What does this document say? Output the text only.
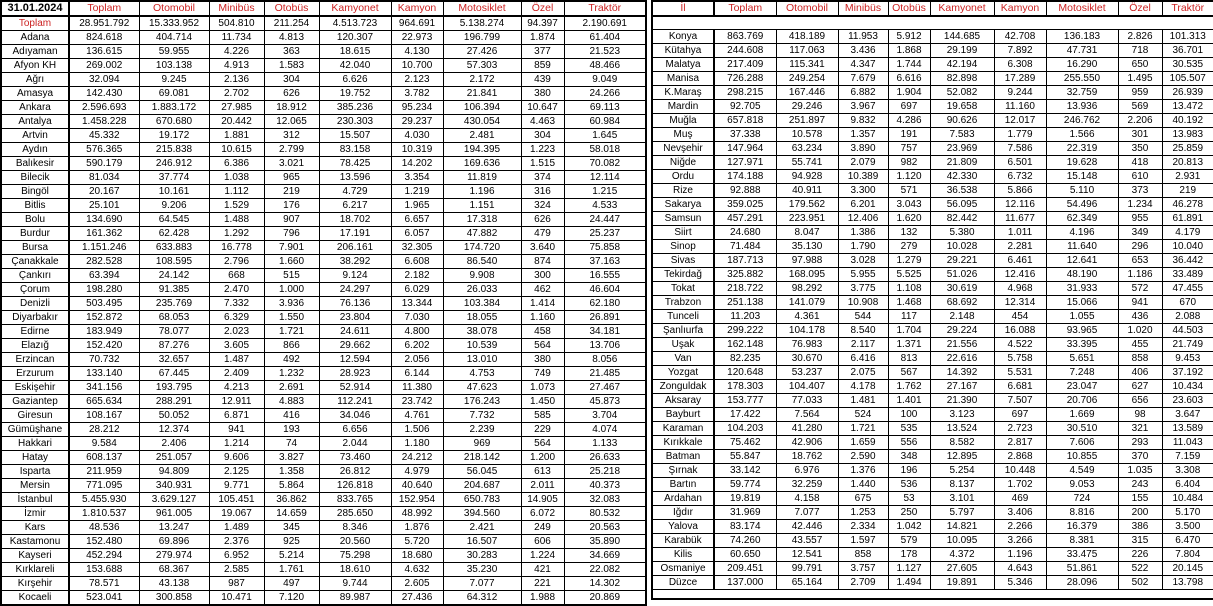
31.01.2024	Toplam	Otomobil	Minibüs	Otobüs	Kamyonet	Kamyon	Motosiklet	Özel	Traktör
Toplam	28.951.792	15.333.952	504.810	211.254	4.513.723	964.691	5.138.274	94.397	2.190.691
Adana	824.618	404.714	11.734	4.813	120.307	22.973	196.799	1.874	61.404
Adıyaman	136.615	59.955	4.226	363	18.615	4.130	27.426	377	21.523
Afyon KH	269.002	103.138	4.913	1.583	42.040	10.700	57.303	859	48.466
Ağrı	32.094	9.245	2.136	304	6.626	2.123	2.172	439	9.049
Amasya	142.430	69.081	2.702	626	19.752	3.782	21.841	380	24.266
Ankara	2.596.693	1.883.172	27.985	18.912	385.236	95.234	106.394	10.647	69.113
Antalya	1.458.228	670.680	20.442	12.065	230.303	29.237	430.054	4.463	60.984
Artvin	45.332	19.172	1.881	312	15.507	4.030	2.481	304	1.645
Aydın	576.365	215.838	10.615	2.799	83.158	10.319	194.395	1.223	58.018
Balıkesir	590.179	246.912	6.386	3.021	78.425	14.202	169.636	1.515	70.082
Bilecik	81.034	37.774	1.038	965	13.596	3.354	11.819	374	12.114
Bingöl	20.167	10.161	1.112	219	4.729	1.219	1.196	316	1.215
Bitlis	25.101	9.206	1.529	176	6.217	1.965	1.151	324	4.533
Bolu	134.690	64.545	1.488	907	18.702	6.657	17.318	626	24.447
Burdur	161.362	62.428	1.292	796	17.191	6.057	47.882	479	25.237
Bursa	1.151.246	633.883	16.778	7.901	206.161	32.305	174.720	3.640	75.858
Çanakkale	282.528	108.595	2.796	1.660	38.292	6.608	86.540	874	37.163
Çankırı	63.394	24.142	668	515	9.124	2.182	9.908	300	16.555
Çorum	198.280	91.385	2.470	1.000	24.297	6.029	26.033	462	46.604
Denizli	503.495	235.769	7.332	3.936	76.136	13.344	103.384	1.414	62.180
Diyarbakır	152.872	68.053	6.329	1.550	23.804	7.030	18.055	1.160	26.891
Edirne	183.949	78.077	2.023	1.721	24.611	4.800	38.078	458	34.181
Elazığ	152.420	87.276	3.605	866	29.662	6.202	10.539	564	13.706
Erzincan	70.732	32.657	1.487	492	12.594	2.056	13.010	380	8.056
Erzurum	133.140	67.445	2.409	1.232	28.923	6.144	4.753	749	21.485
Eskişehir	341.156	193.795	4.213	2.691	52.914	11.380	47.623	1.073	27.467
Gaziantep	665.634	288.291	12.911	4.883	112.241	23.742	176.243	1.450	45.873
Giresun	108.167	50.052	6.871	416	34.046	4.761	7.732	585	3.704
Gümüşhane	28.212	12.374	941	193	6.656	1.506	2.239	229	4.074
Hakkari	9.584	2.406	1.214	74	2.044	1.180	969	564	1.133
Hatay	608.137	251.057	9.606	3.827	73.460	24.212	218.142	1.200	26.633
Isparta	211.959	94.809	2.125	1.358	26.812	4.979	56.045	613	25.218
Mersin	771.095	340.931	9.771	5.864	126.818	40.640	204.687	2.011	40.373
İstanbul	5.455.930	3.629.127	105.451	36.862	833.765	152.954	650.783	14.905	32.083
İzmir	1.810.537	961.005	19.067	14.659	285.650	48.992	394.560	6.072	80.532
Kars	48.536	13.247	1.489	345	8.346	1.876	2.421	249	20.563
Kastamonu	152.480	69.896	2.376	925	20.560	5.720	16.507	606	35.890
Kayseri	452.294	279.974	6.952	5.214	75.298	18.680	30.283	1.224	34.669
Kırklareli	153.688	68.367	2.585	1.761	18.610	4.632	35.230	421	22.082
Kırşehir	78.571	43.138	987	497	9.744	2.605	7.077	221	14.302
Kocaeli	523.041	300.858	10.471	7.120	89.987	27.436	64.312	1.988	20.869
İl	Toplam	Otomobil	Minibüs	Otobüs	Kamyonet	Kamyon	Motosiklet	Özel	Traktör

Konya	863.769	418.189	11.953	5.912	144.685	42.708	136.183	2.826	101.313
Kütahya	244.608	117.063	3.436	1.868	29.199	7.892	47.731	718	36.701
Malatya	217.409	115.341	4.347	1.744	42.194	6.308	16.290	650	30.535
Manisa	726.288	249.254	7.679	6.616	82.898	17.289	255.550	1.495	105.507
K.Maraş	298.215	167.446	6.882	1.904	52.082	9.244	32.759	959	26.939
Mardin	92.705	29.246	3.967	697	19.658	11.160	13.936	569	13.472
Muğla	657.818	251.897	9.832	4.286	90.626	12.017	246.762	2.206	40.192
Muş	37.338	10.578	1.357	191	7.583	1.779	1.566	301	13.983
Nevşehir	147.964	63.234	3.890	757	23.969	7.586	22.319	350	25.859
Niğde	127.971	55.741	2.079	982	21.809	6.501	19.628	418	20.813
Ordu	174.188	94.928	10.389	1.120	42.330	6.732	15.148	610	2.931
Rize	92.888	40.911	3.300	571	36.538	5.866	5.110	373	219
Sakarya	359.025	179.562	6.201	3.043	56.095	12.116	54.496	1.234	46.278
Samsun	457.291	223.951	12.406	1.620	82.442	11.677	62.349	955	61.891
Siirt	24.680	8.047	1.386	132	5.380	1.011	4.196	349	4.179
Sinop	71.484	35.130	1.790	279	10.028	2.281	11.640	296	10.040
Sivas	187.713	97.988	3.028	1.279	29.221	6.461	12.641	653	36.442
Tekirdağ	325.882	168.095	5.955	5.525	51.026	12.416	48.190	1.186	33.489
Tokat	218.722	98.292	3.775	1.108	30.619	4.968	31.933	572	47.455
Trabzon	251.138	141.079	10.908	1.468	68.692	12.314	15.066	941	670
Tunceli	11.203	4.361	544	117	2.148	454	1.055	436	2.088
Şanlıurfa	299.222	104.178	8.540	1.704	29.224	16.088	93.965	1.020	44.503
Uşak	162.148	76.983	2.117	1.371	21.556	4.522	33.395	455	21.749
Van	82.235	30.670	6.416	813	22.616	5.758	5.651	858	9.453
Yozgat	120.648	53.237	2.075	567	14.392	5.531	7.248	406	37.192
Zonguldak	178.303	104.407	4.178	1.762	27.167	6.681	23.047	627	10.434
Aksaray	153.777	77.033	1.481	1.401	21.390	7.507	20.706	656	23.603
Bayburt	17.422	7.564	524	100	3.123	697	1.669	98	3.647
Karaman	104.203	41.280	1.721	535	13.524	2.723	30.510	321	13.589
Kırıkkale	75.462	42.906	1.659	556	8.582	2.817	7.606	293	11.043
Batman	55.847	18.762	2.590	348	12.895	2.868	10.855	370	7.159
Şırnak	33.142	6.976	1.376	196	5.254	10.448	4.549	1.035	3.308
Bartın	59.774	32.259	1.440	536	8.137	1.702	9.053	243	6.404
Ardahan	19.819	4.158	675	53	3.101	469	724	155	10.484
Iğdır	31.969	7.077	1.253	250	5.797	3.406	8.816	200	5.170
Yalova	83.174	42.446	2.334	1.042	14.821	2.266	16.379	386	3.500
Karabük	74.260	43.557	1.597	579	10.095	3.266	8.381	315	6.470
Kilis	60.650	12.541	858	178	4.372	1.196	33.475	226	7.804
Osmaniye	209.451	99.791	3.757	1.127	27.605	4.643	51.861	522	20.145
Düzce	137.000	65.164	2.709	1.494	19.891	5.346	28.096	502	13.798
